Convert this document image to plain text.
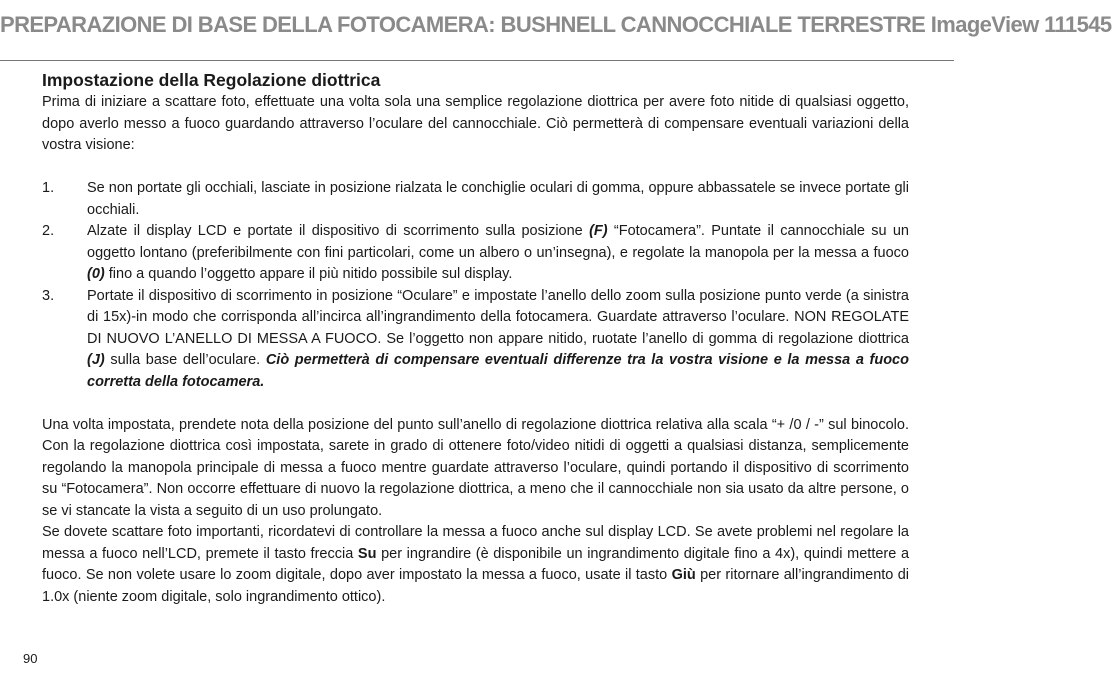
PREPARAZIONE DI BASE DELLA FOTOCAMERA: BUSHNELL CANNOCCHIALE TERRESTRE ImageView 111545
Impostazione della Regolazione diottrica

Prima di iniziare a scattare foto, effettuate una volta sola una semplice regolazione diottrica per avere foto nitide di qualsiasi oggetto, dopo averlo messo a fuoco guardando attraverso l’oculare del cannocchiale. Ciò permetterà di compensare eventuali variazioni della vostra visione:

1. Se non portate gli occhiali, lasciate in posizione rialzata le conchiglie oculari di gomma, oppure abbassatele se invece portate gli occhiali.
2. Alzate il display LCD e portate il dispositivo di scorrimento sulla posizione (F) “Fotocamera”. Puntate il cannocchiale su un oggetto lontano (preferibilmente con fini particolari, come un albero o un’insegna), e regolate la manopola per la messa a fuoco (0) fino a quando l’oggetto appare il più nitido possibile sul display.
3. Portate il dispositivo di scorrimento in posizione “Oculare” e impostate l’anello dello zoom sulla posizione punto verde (a sinistra di 15x)-in modo che corrisponda all’incirca all’ingrandimento della fotocamera. Guardate attraverso l’oculare. NON REGOLATE DI NUOVO L’ANELLO DI MESSA A FUOCO. Se l’oggetto non appare nitido, ruotate l’anello di gomma di regolazione diottrica (J) sulla base dell’oculare. Ciò permetterà di compensare eventuali differenze tra la vostra visione e la messa a fuoco corretta della fotocamera.

Una volta impostata, prendete nota della posizione del punto sull’anello di regolazione diottrica relativa alla scala “+ /0 / -” sul binocolo. Con la regolazione diottrica così impostata, sarete in grado di ottenere foto/video nitidi di oggetti a qualsiasi distanza, semplicemente regolando la manopola principale di messa a fuoco mentre guardate attraverso l’oculare, quindi portando il dispositivo di scorrimento su “Fotocamera”. Non occorre effettuare di nuovo la regolazione diottrica, a meno che il cannocchiale non sia usato da altre persone, o se vi stancate la vista a seguito di un uso prolungato.

Se dovete scattare foto importanti, ricordatevi di controllare la messa a fuoco anche sul display LCD. Se avete problemi nel regolare la messa a fuoco nell’LCD, premete il tasto freccia Su per ingrandire (è disponibile un ingrandimento digitale fino a 4x), quindi mettere a fuoco. Se non volete usare lo zoom digitale, dopo aver impostato la messa a fuoco, usate il tasto Giù per ritornare all’ingrandimento di 1.0x (niente zoom digitale, solo ingrandimento ottico).

90
